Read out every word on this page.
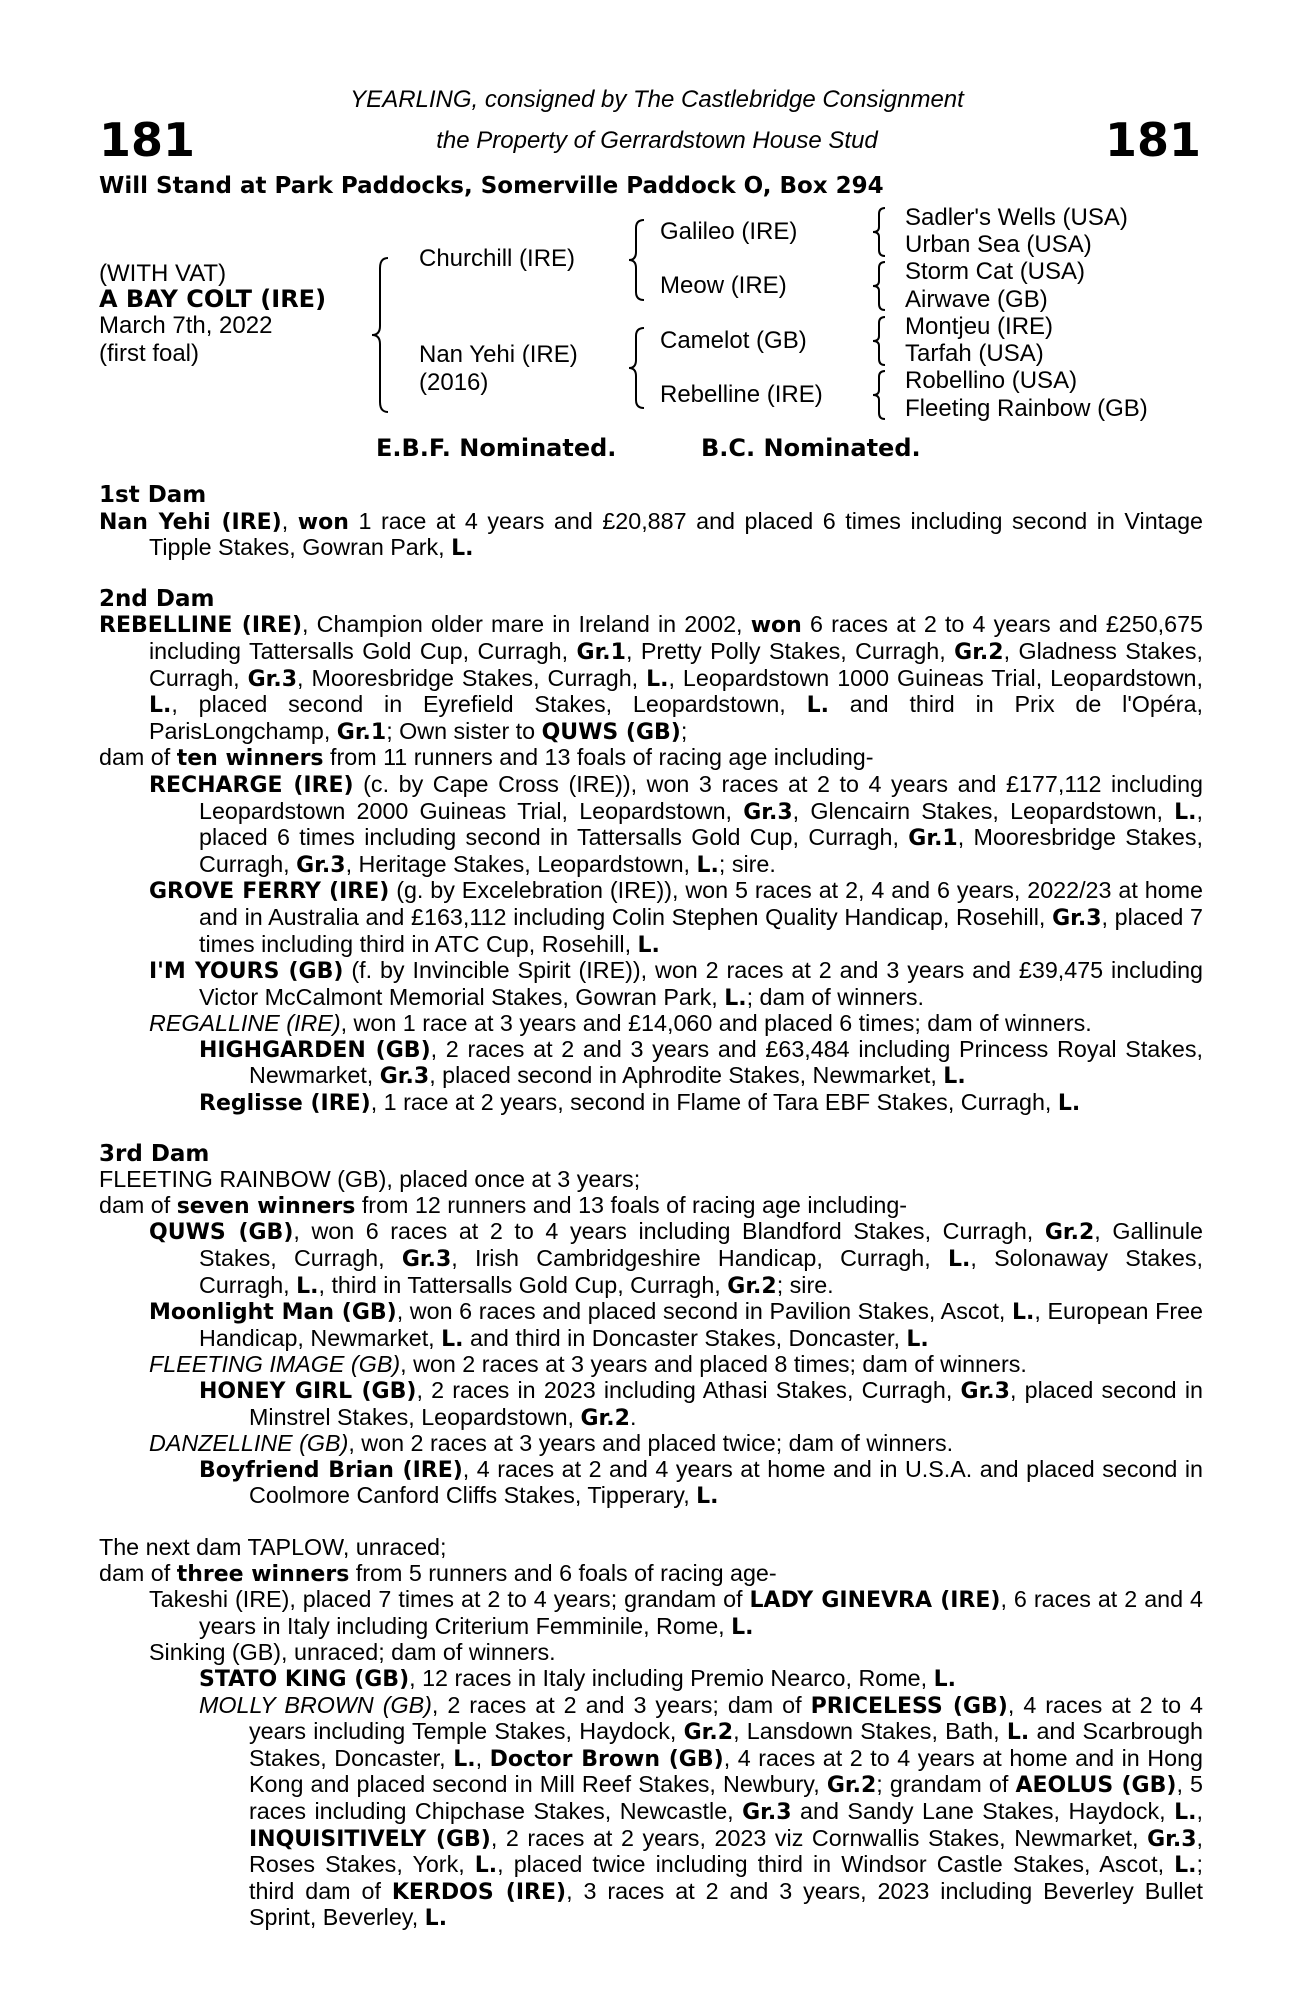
181	181
YEARLING, consigned by The Castlebridge Consignment
the Property of Gerrardstown House Stud
Will Stand at Park Paddocks, Somerville Paddock O, Box 294
(WITH VAT)
A BAY COLT (IRE)
March 7th, 2022
(first foal)
Churchill (IRE)
Nan Yehi (IRE)
(2016)
Galileo (IRE)
Meow (IRE)
Camelot (GB)
Rebelline (IRE)
Sadler's Wells (USA)
Urban Sea (USA)
Storm Cat (USA)
Airwave (GB)
Montjeu (IRE)
Tarfah (USA)
Robellino (USA)
Fleeting Rainbow (GB)
E.B.F. Nominated.	B.C. Nominated.
1st Dam
Nan Yehi (IRE), won 1 race at 4 years and £20,887 and placed 6 times including second in Vintage Tipple Stakes, Gowran Park, L.
2nd Dam
REBELLINE (IRE), Champion older mare in Ireland in 2002, won 6 races at 2 to 4 years and £250,675 including Tattersalls Gold Cup, Curragh, Gr.1, Pretty Polly Stakes, Curragh, Gr.2, Gladness Stakes, Curragh, Gr.3, Mooresbridge Stakes, Curragh, L., Leopardstown 1000 Guineas Trial, Leopardstown, L., placed second in Eyrefield Stakes, Leopardstown, L. and third in Prix de l'Opéra, ParisLongchamp, Gr.1; Own sister to QUWS (GB);
dam of ten winners from 11 runners and 13 foals of racing age including-
RECHARGE (IRE) (c. by Cape Cross (IRE)), won 3 races at 2 to 4 years and £177,112 including Leopardstown 2000 Guineas Trial, Leopardstown, Gr.3, Glencairn Stakes, Leopardstown, L., placed 6 times including second in Tattersalls Gold Cup, Curragh, Gr.1, Mooresbridge Stakes, Curragh, Gr.3, Heritage Stakes, Leopardstown, L.; sire.
GROVE FERRY (IRE) (g. by Excelebration (IRE)), won 5 races at 2, 4 and 6 years, 2022/23 at home and in Australia and £163,112 including Colin Stephen Quality Handicap, Rosehill, Gr.3, placed 7 times including third in ATC Cup, Rosehill, L.
I'M YOURS (GB) (f. by Invincible Spirit (IRE)), won 2 races at 2 and 3 years and £39,475 including Victor McCalmont Memorial Stakes, Gowran Park, L.; dam of winners.
REGALLINE (IRE), won 1 race at 3 years and £14,060 and placed 6 times; dam of winners.
HIGHGARDEN (GB), 2 races at 2 and 3 years and £63,484 including Princess Royal Stakes, Newmarket, Gr.3, placed second in Aphrodite Stakes, Newmarket, L.
Reglisse (IRE), 1 race at 2 years, second in Flame of Tara EBF Stakes, Curragh, L.
3rd Dam
FLEETING RAINBOW (GB), placed once at 3 years;
dam of seven winners from 12 runners and 13 foals of racing age including-
QUWS (GB), won 6 races at 2 to 4 years including Blandford Stakes, Curragh, Gr.2, Gallinule Stakes, Curragh, Gr.3, Irish Cambridgeshire Handicap, Curragh, L., Solonaway Stakes, Curragh, L., third in Tattersalls Gold Cup, Curragh, Gr.2; sire.
Moonlight Man (GB), won 6 races and placed second in Pavilion Stakes, Ascot, L., European Free Handicap, Newmarket, L. and third in Doncaster Stakes, Doncaster, L.
FLEETING IMAGE (GB), won 2 races at 3 years and placed 8 times; dam of winners.
HONEY GIRL (GB), 2 races in 2023 including Athasi Stakes, Curragh, Gr.3, placed second in Minstrel Stakes, Leopardstown, Gr.2.
DANZELLINE (GB), won 2 races at 3 years and placed twice; dam of winners.
Boyfriend Brian (IRE), 4 races at 2 and 4 years at home and in U.S.A. and placed second in Coolmore Canford Cliffs Stakes, Tipperary, L.
The next dam TAPLOW, unraced;
dam of three winners from 5 runners and 6 foals of racing age-
Takeshi (IRE), placed 7 times at 2 to 4 years; grandam of LADY GINEVRA (IRE), 6 races at 2 and 4 years in Italy including Criterium Femminile, Rome, L.
Sinking (GB), unraced; dam of winners.
STATO KING (GB), 12 races in Italy including Premio Nearco, Rome, L.
MOLLY BROWN (GB), 2 races at 2 and 3 years; dam of PRICELESS (GB), 4 races at 2 to 4 years including Temple Stakes, Haydock, Gr.2, Lansdown Stakes, Bath, L. and Scarbrough Stakes, Doncaster, L., Doctor Brown (GB), 4 races at 2 to 4 years at home and in Hong Kong and placed second in Mill Reef Stakes, Newbury, Gr.2; grandam of AEOLUS (GB), 5 races including Chipchase Stakes, Newcastle, Gr.3 and Sandy Lane Stakes, Haydock, L., INQUISITIVELY (GB), 2 races at 2 years, 2023 viz Cornwallis Stakes, Newmarket, Gr.3, Roses Stakes, York, L., placed twice including third in Windsor Castle Stakes, Ascot, L.; third dam of KERDOS (IRE), 3 races at 2 and 3 years, 2023 including Beverley Bullet Sprint, Beverley, L.
